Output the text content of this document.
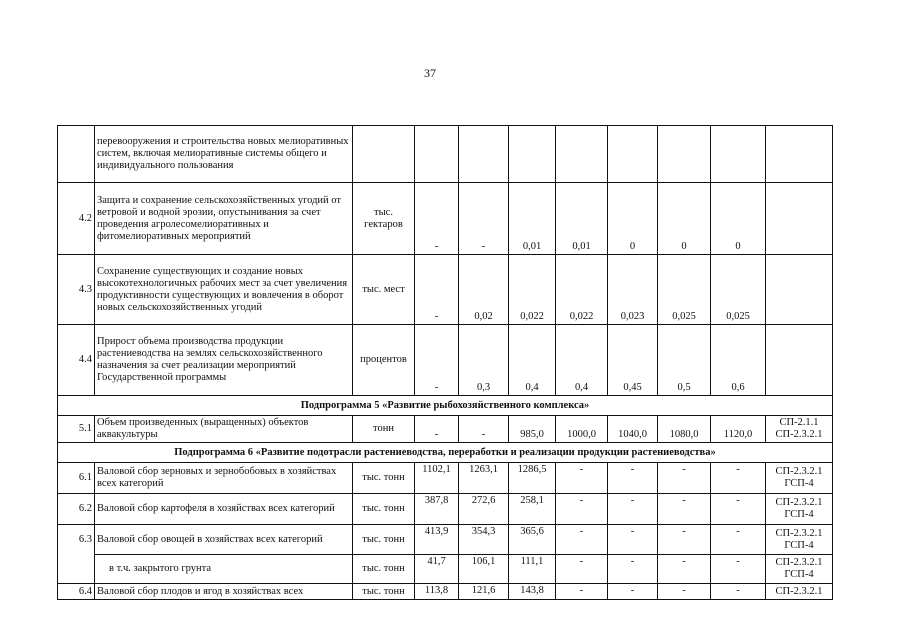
37
	перевооружения и строительства новых мелиоративных систем, включая мелиоративные системы общего и индивидуального пользования									
4.2	Защита и сохранение сельскохозяйственных угодий от ветровой и водной эрозии, опустынивания за счет проведения агролесомелиоративных и фитомелиоративных мероприятий	тыс. гектаров	-	-	0,01	0,01	0	0	0	
4.3	Сохранение существующих и создание новых высокотехнологичных рабочих мест за счет увеличения продуктивности существующих и вовлечения в оборот новых сельскохозяйственных угодий	тыс. мест	-	0,02	0,022	0,022	0,023	0,025	0,025	
4.4	Прирост объема производства продукции растениеводства на землях сельскохозяйственного назначения за счет реализации мероприятий Государственной программы	процентов	-	0,3	0,4	0,4	0,45	0,5	0,6	
Подпрограмма 5 «Развитие рыбохозяйственного комплекса»										
5.1	Объем произведенных (выращенных) объектов аквакультуры	тонн	-	-	985,0	1000,0	1040,0	1080,0	1120,0	СП-2.1.1 СП-2.3.2.1
Подпрограмма 6 «Развитие подотрасли растениеводства, переработки и реализации продукции растениеводства»										
6.1	Валовой сбор зерновых и зернобобовых в хозяйствах всех категорий	тыс. тонн	1102,1	1263,1	1286,5	-	-	-	-	СП-2.3.2.1 ГСП-4
6.2	Валовой сбор картофеля в хозяйствах всех категорий	тыс. тонн	387,8	272,6	258,1	-	-	-	-	СП-2.3.2.1 ГСП-4
6.3	Валовой сбор овощей в хозяйствах всех категорий	тыс. тонн	413,9	354,3	365,6	-	-	-	-	СП-2.3.2.1 ГСП-4
	в т.ч. закрытого грунта	тыс. тонн	41,7	106,1	111,1	-	-	-	-	СП-2.3.2.1 ГСП-4
6.4	Валовой сбор плодов и ягод в хозяйствах всех	тыс. тонн	113,8	121,6	143,8	-	-	-	-	СП-2.3.2.1
